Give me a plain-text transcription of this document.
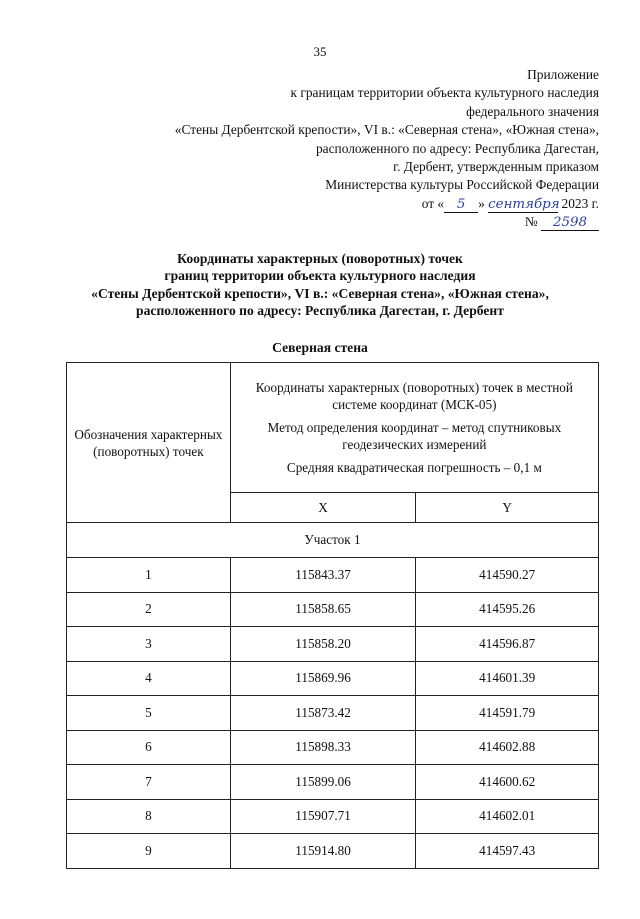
35
Приложение
к границам территории объекта культурного наследия
федерального значения
«Стены Дербентской крепости», VI в.: «Северная стена», «Южная стена»,
расположенного по адресу: Республика Дагестан,
г. Дербент, утвержденным приказом
Министерства культуры Российской Федерации
от « 5 » сентября 2023 г.
№ 2598
Координаты характерных (поворотных) точек
границ территории объекта культурного наследия
«Стены Дербентской крепости», VI в.: «Северная стена», «Южная стена»,
расположенного по адресу: Республика Дагестан, г. Дербент
Северная стена

Обозначения характерных (поворотных) точек	Координаты характерных (поворотных) точек в местной системе координат (МСК-05)

Метод определения координат – метод спутниковых геодезических измерений

Средняя квадратическая погрешность – 0,1 м	

	X	Y
Участок 1		
1	115843.37	414590.27
2	115858.65	414595.26
3	115858.20	414596.87
4	115869.96	414601.39
5	115873.42	414591.79
6	115898.33	414602.88
7	115899.06	414600.62
8	115907.71	414602.01
9	115914.80	414597.43
